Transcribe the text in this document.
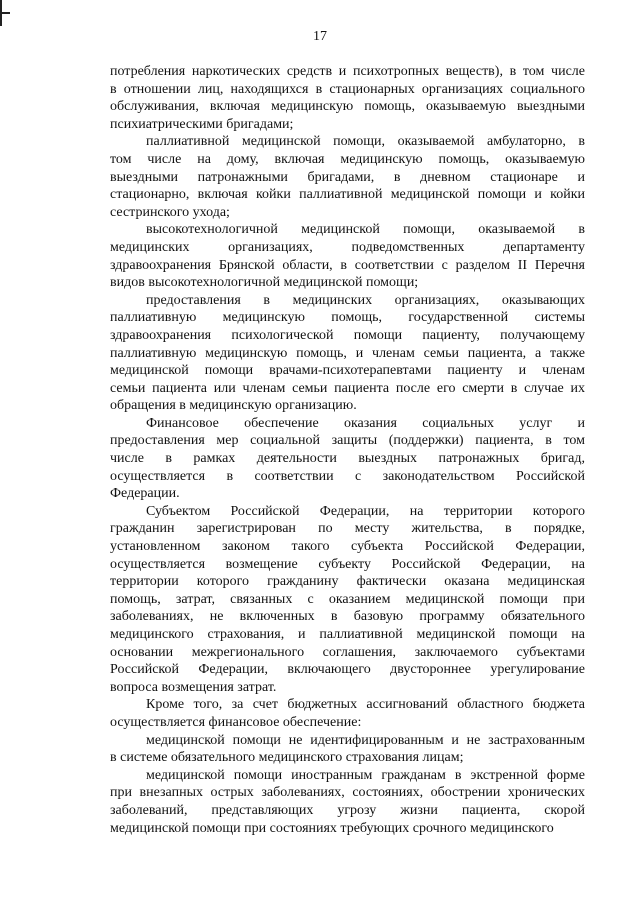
17
потребления наркотических средств и психотропных веществ), в том числе
в отношении лиц, находящихся в стационарных организациях социального
обслуживания, включая медицинскую помощь, оказываемую выездными
психиатрическими бригадами;
паллиативной медицинской помощи, оказываемой амбулаторно, в
том числе на дому, включая медицинскую помощь, оказываемую
выездными патронажными бригадами, в дневном стационаре и
стационарно, включая койки паллиативной медицинской помощи и койки
сестринского ухода;
высокотехнологичной медицинской помощи, оказываемой в
медицинских организациях, подведомственных департаменту
здравоохранения Брянской области, в соответствии с разделом II Перечня
видов высокотехнологичной медицинской помощи;
предоставления в медицинских организациях, оказывающих
паллиативную медицинскую помощь, государственной системы
здравоохранения психологической помощи пациенту, получающему
паллиативную медицинскую помощь, и членам семьи пациента, а также
медицинской помощи врачами-психотерапевтами пациенту и членам
семьи пациента или членам семьи пациента после его смерти в случае их
обращения в медицинскую организацию.
Финансовое обеспечение оказания социальных услуг и
предоставления мер социальной защиты (поддержки) пациента, в том
числе в рамках деятельности выездных патронажных бригад,
осуществляется в соответствии с законодательством Российской
Федерации.
Субъектом Российской Федерации, на территории которого
гражданин зарегистрирован по месту жительства, в порядке,
установленном законом такого субъекта Российской Федерации,
осуществляется возмещение субъекту Российской Федерации, на
территории которого гражданину фактически оказана медицинская
помощь, затрат, связанных с оказанием медицинской помощи при
заболеваниях, не включенных в базовую программу обязательного
медицинского страхования, и паллиативной медицинской помощи на
основании межрегионального соглашения, заключаемого субъектами
Российской Федерации, включающего двустороннее урегулирование
вопроса возмещения затрат.
Кроме того, за счет бюджетных ассигнований областного бюджета
осуществляется финансовое обеспечение:
медицинской помощи не идентифицированным и не застрахованным
в системе обязательного медицинского страхования лицам;
медицинской помощи иностранным гражданам в экстренной форме
при внезапных острых заболеваниях, состояниях, обострении хронических
заболеваний, представляющих угрозу жизни пациента, скорой
медицинской помощи при состояниях требующих срочного медицинского
